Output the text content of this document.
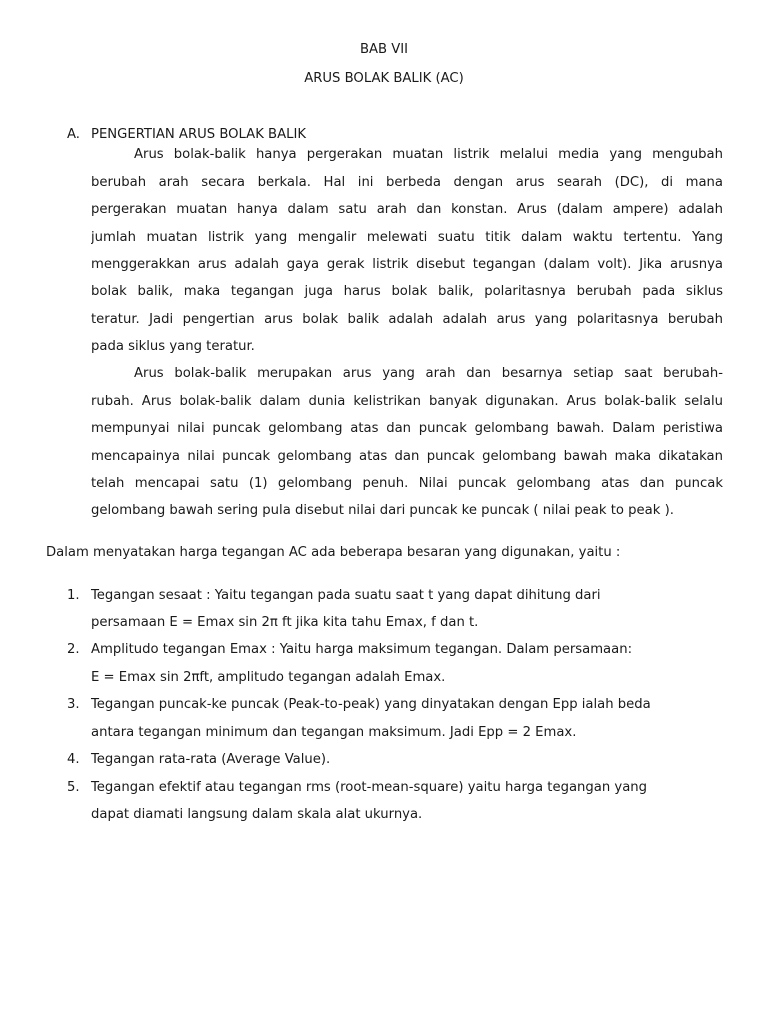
BAB VII
ARUS BOLAK BALIK (AC)
A. PENGERTIAN ARUS BOLAK BALIK
Arus bolak-balik hanya pergerakan muatan listrik melalui media yang mengubah
berubah arah secara berkala. Hal ini berbeda dengan arus searah (DC), di mana
pergerakan muatan hanya dalam satu arah dan konstan. Arus (dalam ampere) adalah
jumlah muatan listrik yang mengalir melewati suatu titik dalam waktu tertentu. Yang
menggerakkan arus adalah gaya gerak listrik disebut tegangan (dalam volt). Jika arusnya
bolak balik, maka tegangan juga harus bolak balik, polaritasnya berubah pada siklus
teratur. Jadi pengertian arus bolak balik adalah adalah arus yang polaritasnya berubah
pada siklus yang teratur.
Arus bolak-balik merupakan arus yang arah dan besarnya setiap saat berubah-
rubah. Arus bolak-balik dalam dunia kelistrikan banyak digunakan. Arus bolak-balik selalu
mempunyai nilai puncak gelombang atas dan puncak gelombang bawah. Dalam peristiwa
mencapainya nilai puncak gelombang atas dan puncak gelombang bawah maka dikatakan
telah mencapai satu (1) gelombang penuh. Nilai puncak gelombang atas dan puncak
gelombang bawah sering pula disebut nilai dari puncak ke puncak ( nilai peak to peak ).
Dalam menyatakan harga tegangan AC ada beberapa besaran yang digunakan, yaitu :
1. Tegangan sesaat : Yaitu tegangan pada suatu saat t yang dapat dihitung dari
persamaan E = Emax sin 2π ft jika kita tahu Emax, f dan t.
2. Amplitudo tegangan Emax : Yaitu harga maksimum tegangan. Dalam persamaan:
E = Emax sin 2πft, amplitudo tegangan adalah Emax.
3. Tegangan puncak-ke puncak (Peak-to-peak) yang dinyatakan dengan Epp ialah beda
antara tegangan minimum dan tegangan maksimum. Jadi Epp = 2 Emax.
4. Tegangan rata-rata (Average Value).
5. Tegangan efektif atau tegangan rms (root-mean-square) yaitu harga tegangan yang
dapat diamati langsung dalam skala alat ukurnya.
